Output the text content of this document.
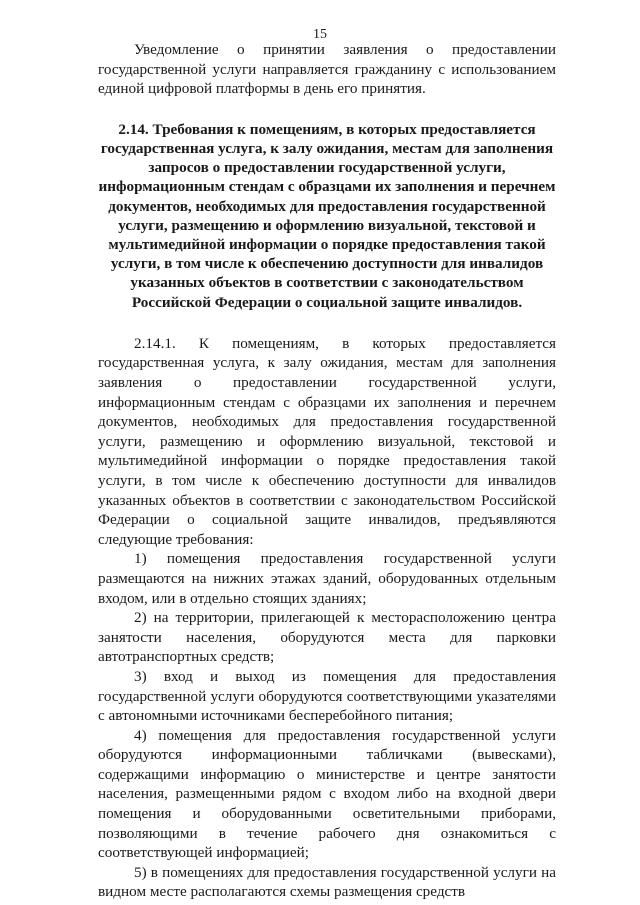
15

Уведомление о принятии заявления о предоставлении государственной услуги направляется гражданину с использованием единой цифровой платформы в день его принятия.

2.14. Требования к помещениям, в которых предоставляется государственная услуга, к залу ожидания, местам для заполнения запросов о предоставлении государственной услуги, информационным стендам с образцами их заполнения и перечнем документов, необходимых для предоставления государственной услуги, размещению и оформлению визуальной, текстовой и мультимедийной информации о порядке предоставления такой услуги, в том числе к обеспечению доступности для инвалидов указанных объектов в соответствии с законодательством Российской Федерации о социальной защите инвалидов.

2.14.1. К помещениям, в которых предоставляется государственная услуга, к залу ожидания, местам для заполнения заявления о предоставлении государственной услуги, информационным стендам с образцами их заполнения и перечнем документов, необходимых для предоставления государственной услуги, размещению и оформлению визуальной, текстовой и мультимедийной информации о порядке предоставления такой услуги, в том числе к обеспечению доступности для инвалидов указанных объектов в соответствии с законодательством Российской Федерации о социальной защите инвалидов, предъявляются следующие требования:

1) помещения предоставления государственной услуги размещаются на нижних этажах зданий, оборудованных отдельным входом, или в отдельно стоящих зданиях;

2) на территории, прилегающей к месторасположению центра занятости населения, оборудуются места для парковки автотранспортных средств;

3) вход и выход из помещения для предоставления государственной услуги оборудуются соответствующими указателями с автономными источниками бесперебойного питания;

4) помещения для предоставления государственной услуги оборудуются информационными табличками (вывесками), содержащими информацию о министерстве и центре занятости населения, размещенными рядом с входом либо на входной двери помещения и оборудованными осветительными приборами, позволяющими в течение рабочего дня ознакомиться с соответствующей информацией;

5) в помещениях для предоставления государственной услуги на видном месте располагаются схемы размещения средств
